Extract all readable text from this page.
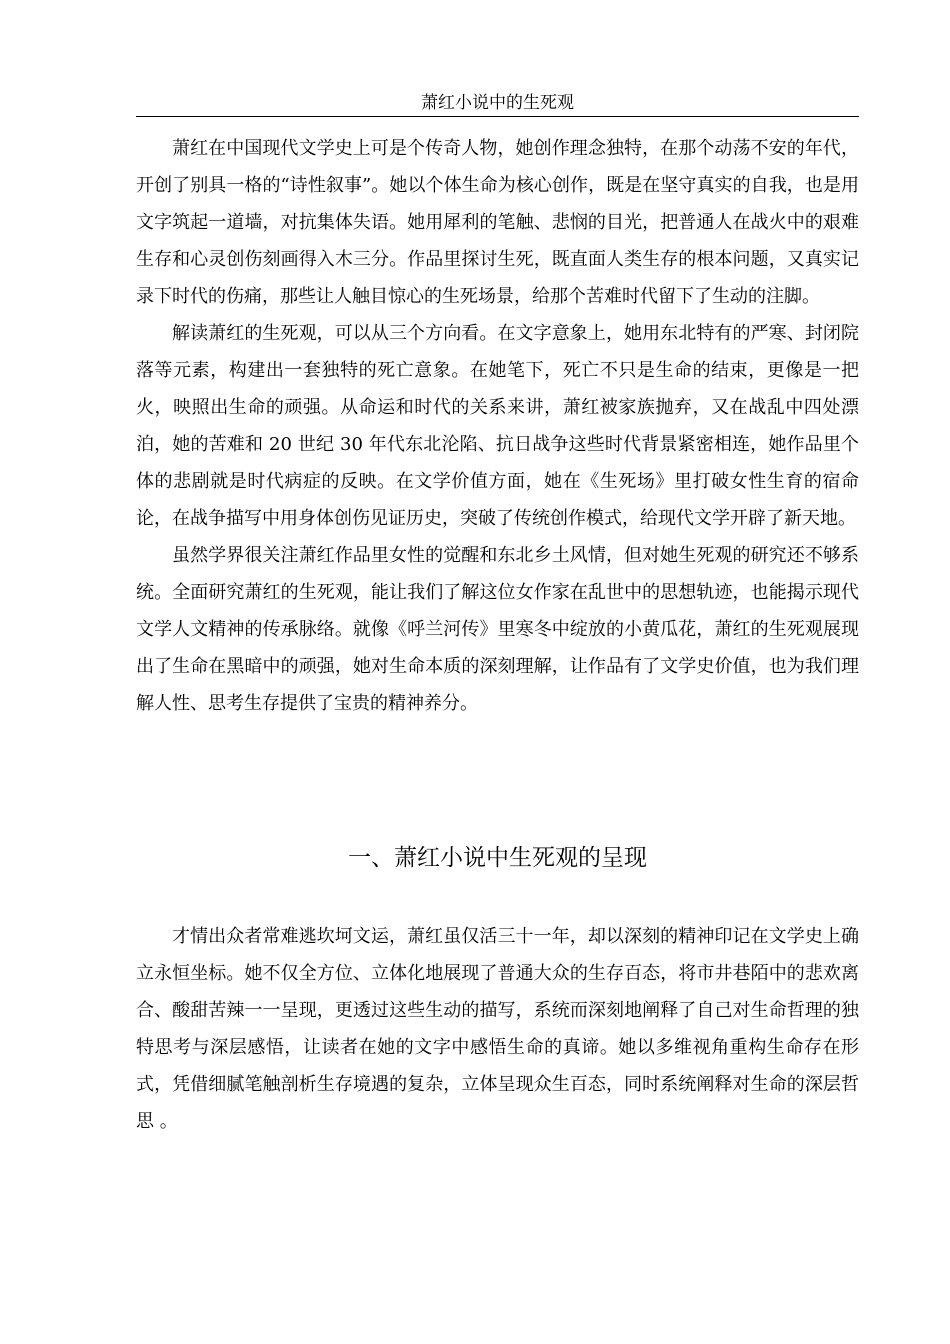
萧红小说中的生死观

萧红在中国现代文学史上可是个传奇人物，她创作理念独特，在那个动荡不安的年代，开创了别具一格的“诗性叙事”。她以个体生命为核心创作，既是在坚守真实的自我，也是用文字筑起一道墙，对抗集体失语。她用犀利的笔触、悲悯的目光，把普通人在战火中的艰难生存和心灵创伤刻画得入木三分。作品里探讨生死，既直面人类生存的根本问题，又真实记录下时代的伤痛，那些让人触目惊心的生死场景，给那个苦难时代留下了生动的注脚。

解读萧红的生死观，可以从三个方向看。在文字意象上，她用东北特有的严寒、封闭院落等元素，构建出一套独特的死亡意象。在她笔下，死亡不只是生命的结束，更像是一把火，映照出生命的顽强。从命运和时代的关系来讲，萧红被家族抛弃，又在战乱中四处漂泊，她的苦难和 20 世纪 30 年代东北沦陷、抗日战争这些时代背景紧密相连，她作品里个体的悲剧就是时代病症的反映。在文学价值方面，她在《生死场》里打破女性生育的宿命论，在战争描写中用身体创伤见证历史，突破了传统创作模式，给现代文学开辟了新天地。

虽然学界很关注萧红作品里女性的觉醒和东北乡土风情，但对她生死观的研究还不够系统。全面研究萧红的生死观，能让我们了解这位女作家在乱世中的思想轨迹，也能揭示现代文学人文精神的传承脉络。就像《呼兰河传》里寒冬中绽放的小黄瓜花，萧红的生死观展现出了生命在黑暗中的顽强，她对生命本质的深刻理解，让作品有了文学史价值，也为我们理解人性、思考生存提供了宝贵的精神养分。

一、萧红小说中生死观的呈现

才情出众者常难逃坎坷文运，萧红虽仅活三十一年，却以深刻的精神印记在文学史上确立永恒坐标。她不仅全方位、立体化地展现了普通大众的生存百态，将市井巷陌中的悲欢离合、酸甜苦辣一一呈现，更透过这些生动的描写，系统而深刻地阐释了自己对生命哲理的独特思考与深层感悟，让读者在她的文字中感悟生命的真谛。她以多维视角重构生命存在形式，凭借细腻笔触剖析生存境遇的复杂，立体呈现众生百态，同时系统阐释对生命的深层哲思 。
